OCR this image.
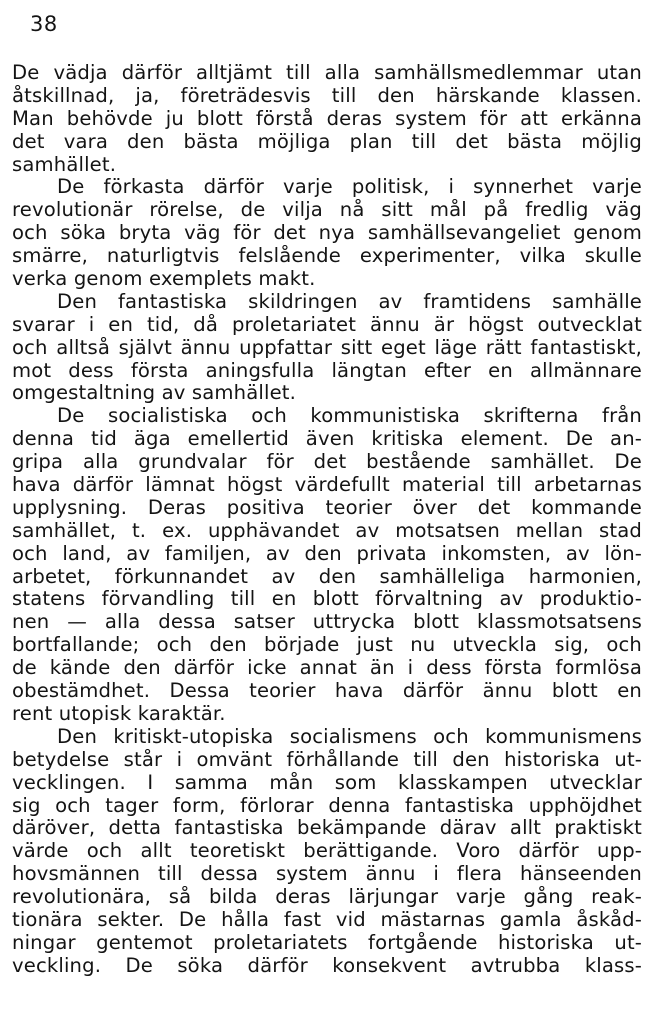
38
De vädja därför alltjämt till alla samhällsmedlemmar utan
åtskillnad, ja, företrädesvis till den härskande klassen.
Man behövde ju blott förstå deras system för att erkänna
det vara den bästa möjliga plan till det bästa möjlig
samhället.
De förkasta därför varje politisk, i synnerhet varje
revolutionär rörelse, de vilja nå sitt mål på fredlig väg
och söka bryta väg för det nya samhällsevangeliet genom
smärre, naturligtvis felslående experimenter, vilka skulle
verka genom exemplets makt.
Den fantastiska skildringen av framtidens samhälle
svarar i en tid, då proletariatet ännu är högst outvecklat
och alltså självt ännu uppfattar sitt eget läge rätt fantastiskt,
mot dess första aningsfulla längtan efter en allmännare
omgestaltning av samhället.
De socialistiska och kommunistiska skrifterna från
denna tid äga emellertid även kritiska element. De an-
gripa alla grundvalar för det bestående samhället. De
hava därför lämnat högst värdefullt material till arbetarnas
upplysning. Deras positiva teorier över det kommande
samhället, t. ex. upphävandet av motsatsen mellan stad
och land, av familjen, av den privata inkomsten, av lön-
arbetet, förkunnandet av den samhälleliga harmonien,
statens förvandling till en blott förvaltning av produktio-
nen — alla dessa satser uttrycka blott klassmotsatsens
bortfallande; och den började just nu utveckla sig, och
de kände den därför icke annat än i dess första formlösa
obestämdhet. Dessa teorier hava därför ännu blott en
rent utopisk karaktär.
Den kritiskt-utopiska socialismens och kommunismens
betydelse står i omvänt förhållande till den historiska ut-
vecklingen. I samma mån som klasskampen utvecklar
sig och tager form, förlorar denna fantastiska upphöjdhet
däröver, detta fantastiska bekämpande därav allt praktiskt
värde och allt teoretiskt berättigande. Voro därför upp-
hovsmännen till dessa system ännu i flera hänseenden
revolutionära, så bilda deras lärjungar varje gång reak-
tionära sekter. De hålla fast vid mästarnas gamla åskåd-
ningar gentemot proletariatets fortgående historiska ut-
veckling. De söka därför konsekvent avtrubba klass-
